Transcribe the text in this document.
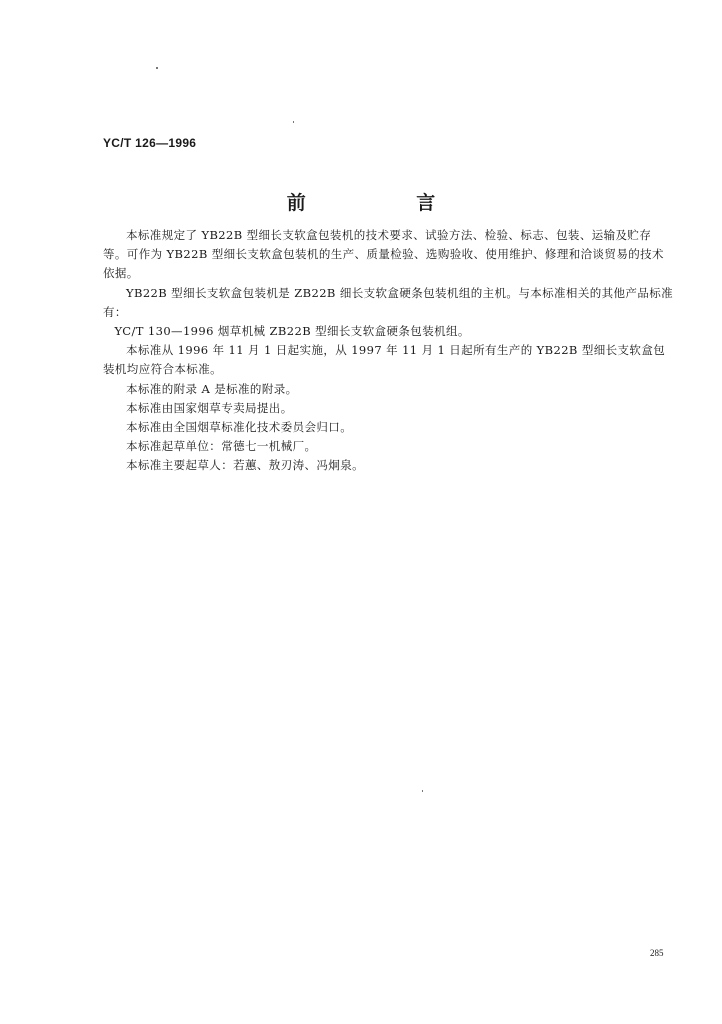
YC/T 126—1996
前 言

本标准规定了 YB22B 型细长支软盒包装机的技术要求、试验方法、检验、标志、包装、运输及贮存等。可作为 YB22B 型细长支软盒包装机的生产、质量检验、选购验收、使用维护、修理和洽谈贸易的技术依据。

YB22B 型细长支软盒包装机是 ZB22B 细长支软盒硬条包装机组的主机。与本标准相关的其他产品标准有：

YC/T 130—1996 烟草机械 ZB22B 型细长支软盒硬条包装机组。

本标准从 1996 年 11 月 1 日起实施，从 1997 年 11 月 1 日起所有生产的 YB22B 型细长支软盒包装机均应符合本标准。

本标准的附录 A 是标准的附录。

本标准由国家烟草专卖局提出。

本标准由全国烟草标准化技术委员会归口。

本标准起草单位：常德七一机械厂。

本标准主要起草人：若蕙、敖刃涛、冯炯泉。

285
